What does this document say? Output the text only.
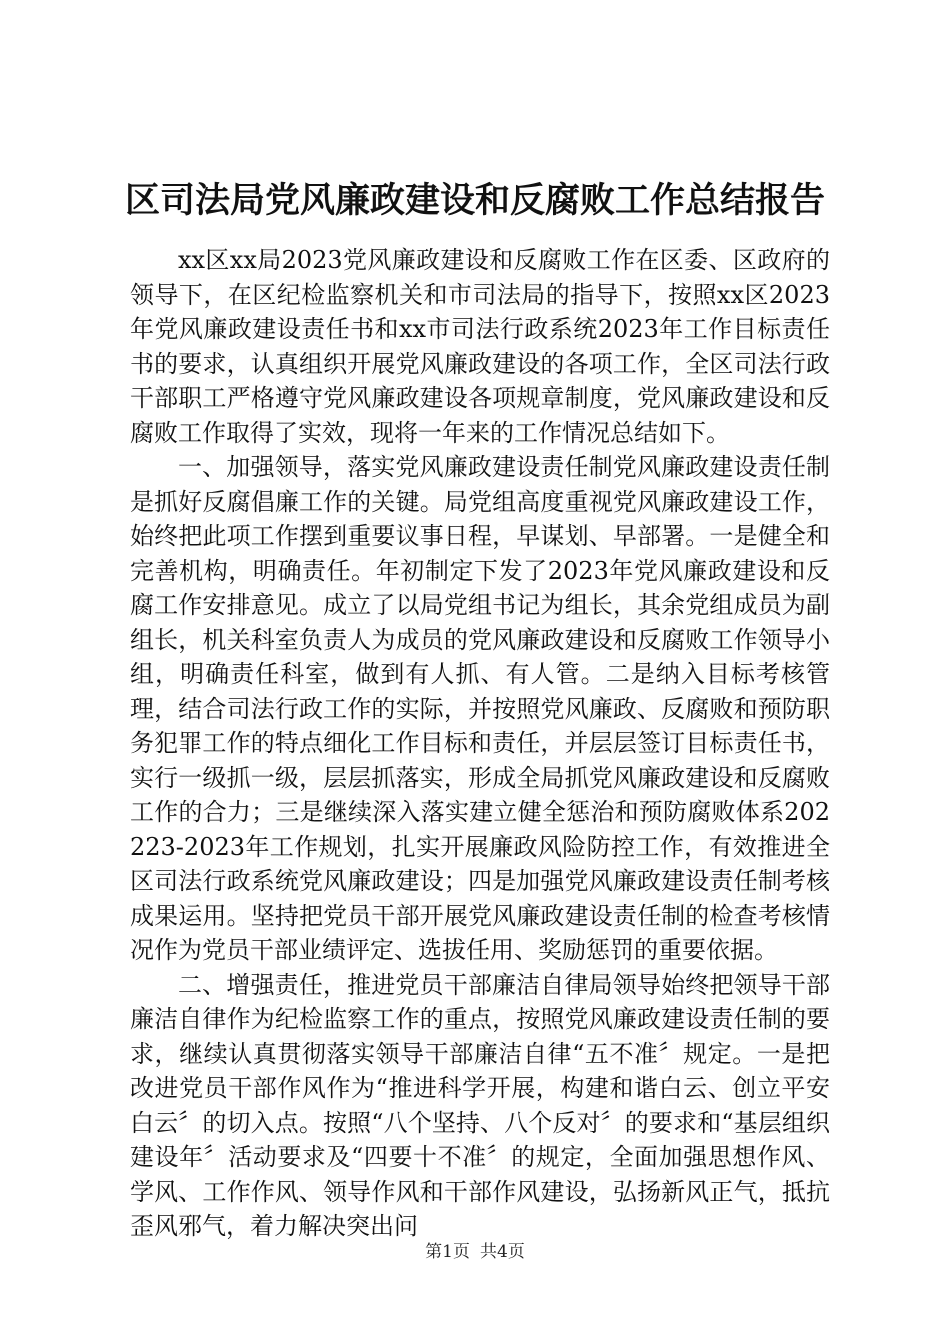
区司法局党风廉政建设和反腐败工作总结报告

xx区xx局2023党风廉政建设和反腐败工作在区委、区政府的领导下，在区纪检监察机关和市司法局的指导下，按照xx区2023年党风廉政建设责任书和xx市司法行政系统2023年工作目标责任书的要求，认真组织开展党风廉政建设的各项工作，全区司法行政干部职工严格遵守党风廉政建设各项规章制度，党风廉政建设和反腐败工作取得了实效，现将一年来的工作情况总结如下。

一、加强领导，落实党风廉政建设责任制党风廉政建设责任制是抓好反腐倡廉工作的关键。局党组高度重视党风廉政建设工作，始终把此项工作摆到重要议事日程，早谋划、早部署。一是健全和完善机构，明确责任。年初制定下发了2023年党风廉政建设和反腐工作安排意见。成立了以局党组书记为组长，其余党组成员为副组长，机关科室负责人为成员的党风廉政建设和反腐败工作领导小组，明确责任科室，做到有人抓、有人管。二是纳入目标考核管理，结合司法行政工作的实际，并按照党风廉政、反腐败和预防职务犯罪工作的特点细化工作目标和责任，并层层签订目标责任书，实行一级抓一级，层层抓落实，形成全局抓党风廉政建设和反腐败工作的合力；三是继续深入落实建立健全惩治和预防腐败体系202223-2023年工作规划，扎实开展廉政风险防控工作，有效推进全区司法行政系统党风廉政建设；四是加强党风廉政建设责任制考核成果运用。坚持把党员干部开展党风廉政建设责任制的检查考核情况作为党员干部业绩评定、选拔任用、奖励惩罚的重要依据。

二、增强责任，推进党员干部廉洁自律局领导始终把领导干部廉洁自律作为纪检监察工作的重点，按照党风廉政建设责任制的要求，继续认真贯彻落实领导干部廉洁自律“五不准〞规定。一是把改进党员干部作风作为“推进科学开展，构建和谐白云、创立平安白云〞的切入点。按照“八个坚持、八个反对〞的要求和“基层组织建设年〞活动要求及“四要十不准〞的规定，全面加强思想作风、学风、工作作风、领导作风和干部作风建设，弘扬新风正气，抵抗歪风邪气，着力解决突出问

第1页 共4页
